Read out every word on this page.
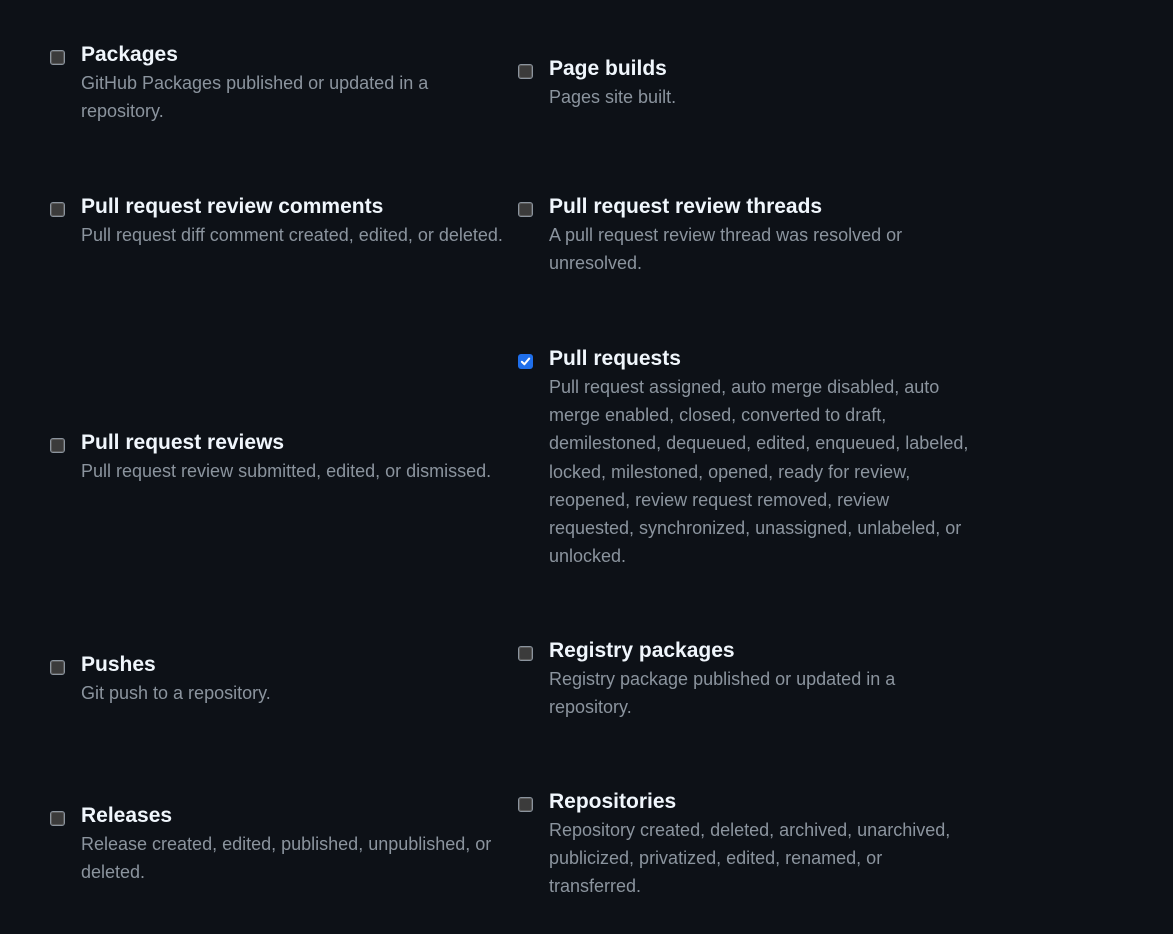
Packages
GitHub Packages published or updated in a repository.
Page builds
Pages site built.
Pull request review comments
Pull request diff comment created, edited, or deleted.
Pull request review threads
A pull request review thread was resolved or unresolved.
Pull requests
Pull request assigned, auto merge disabled, auto merge enabled, closed, converted to draft, demilestoned, dequeued, edited, enqueued, labeled, locked, milestoned, opened, ready for review, reopened, review request removed, review requested, synchronized, unassigned, unlabeled, or unlocked.
Pull request reviews
Pull request review submitted, edited, or dismissed.
Pushes
Git push to a repository.
Registry packages
Registry package published or updated in a repository.
Releases
Release created, edited, published, unpublished, or deleted.
Repositories
Repository created, deleted, archived, unarchived, publicized, privatized, edited, renamed, or transferred.
